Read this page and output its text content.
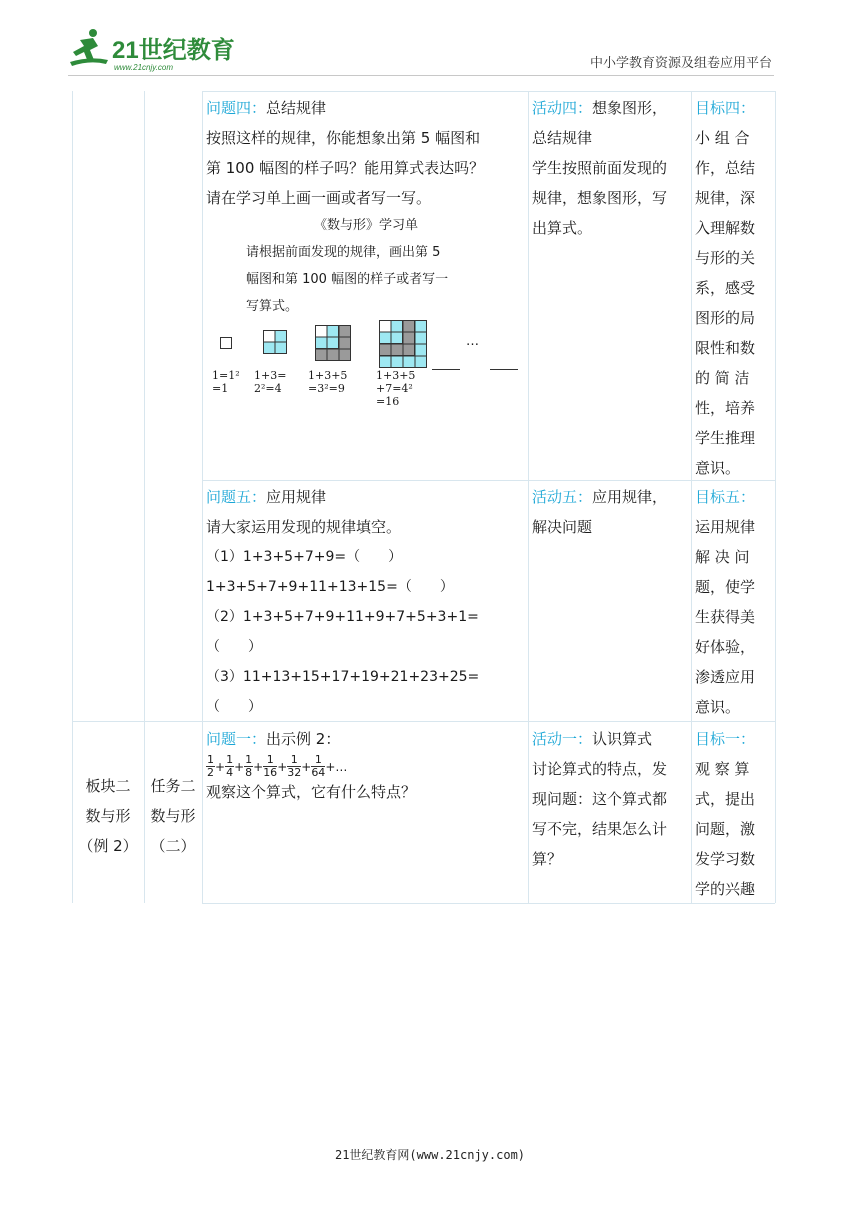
21世纪教育
www.21cnjy.com	中小学教育资源及组卷应用平台
问题四：总结规律
按照这样的规律，你能想象出第 5 幅图和
第 100 幅图的样子吗？能用算式表达吗？
请在学习单上画一画或者写一写。
《数与形》学习单
请根据前面发现的规律，画出第 5
幅图和第 100 幅图的样子或者写一
写算式。
…
1=1²
=1
1+3=
2²=4
1+3+5
=3²=9
1+3+5
+7=4²
=16
活动四：想象图形，
总结规律
学生按照前面发现的
规律，想象图形，写
出算式。
目标四：
小 组 合
作，总结
规律，深
入理解数
与形的关
系，感受
图形的局
限性和数
的 简 洁
性，培养
学生推理
意识。
问题五：应用规律
请大家运用发现的规律填空。
（1）1+3+5+7+9=（　　）
1+3+5+7+9+11+13+15=（　　）
（2）1+3+5+7+9+11+9+7+5+3+1=（　　）
（3）11+13+15+17+19+21+23+25=（　　）
活动五：应用规律，
解决问题
目标五：
运用规律
解 决 问
题，使学
生获得美
好体验，
渗透应用
意识。
板块二
数与形
（例 2）
任务二
数与形
（二）
问题一：出示例 2：
$\frac{1}{2} + \frac{1}{4} + \frac{1}{8} + \frac{1}{16} + \frac{1}{32} + \frac{1}{64}$ +…
观察这个算式，它有什么特点？
活动一：认识算式
讨论算式的特点，发
现问题：这个算式都
写不完，结果怎么计
算？
目标一：
观 察 算
式，提出
问题，激
发学习数
学的兴趣
21世纪教育网(www.21cnjy.com)
